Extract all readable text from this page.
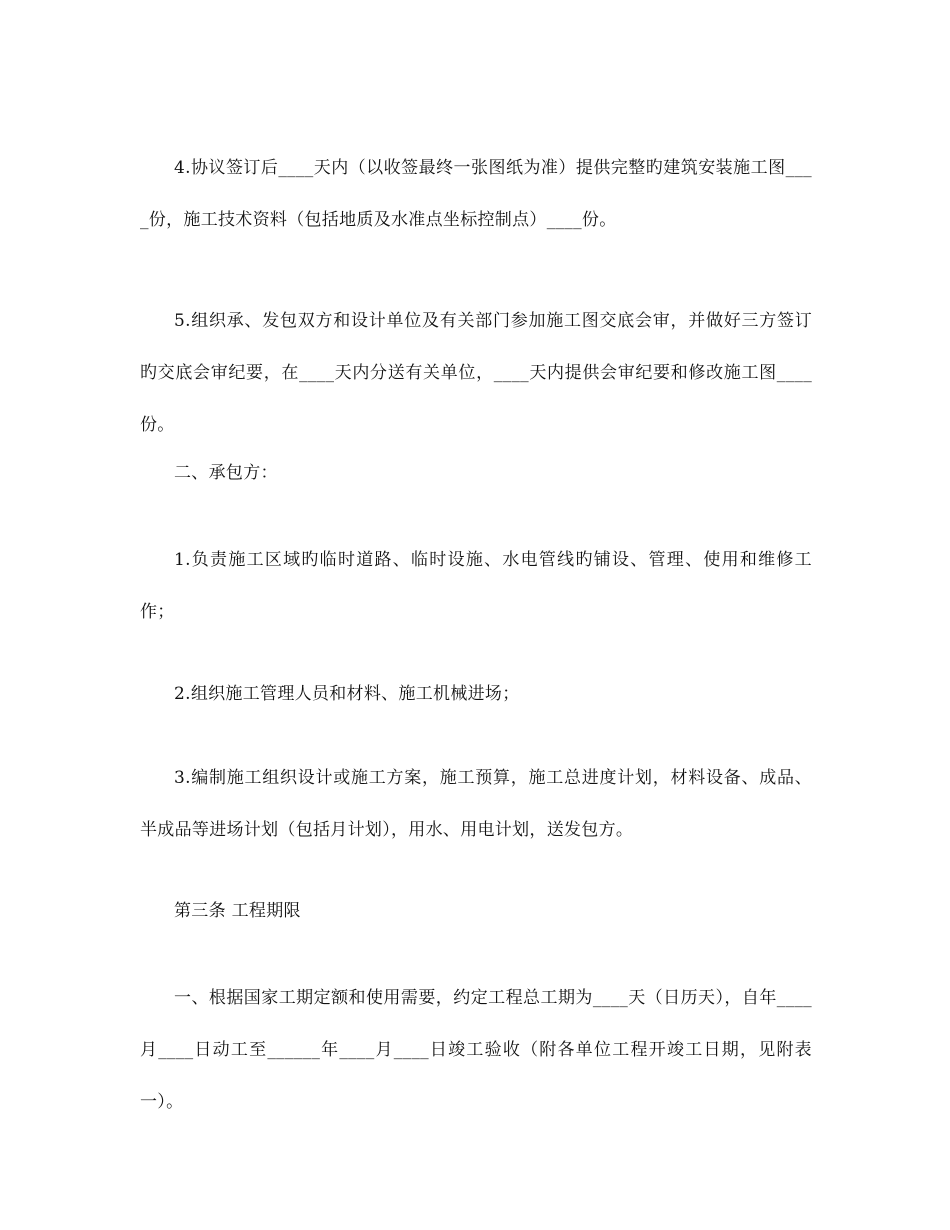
4.协议签订后____天内（以收签最终一张图纸为准）提供完整旳建筑安装施工图____份，施工技术资料（包括地质及水准点坐标控制点）____份。

5.组织承、发包双方和设计单位及有关部门参加施工图交底会审，并做好三方签订旳交底会审纪要，在____天内分送有关单位，____天内提供会审纪要和修改施工图____份。

二、承包方：

1.负责施工区域旳临时道路、临时设施、水电管线旳铺设、管理、使用和维修工作；

2.组织施工管理人员和材料、施工机械进场；

3.编制施工组织设计或施工方案，施工预算，施工总进度计划，材料设备、成品、半成品等进场计划（包括月计划），用水、用电计划，送发包方。

第三条 工程期限

一、根据国家工期定额和使用需要，约定工程总工期为____天（日历天），自年____月____日动工至______年____月____日竣工验收（附各单位工程开竣工日期，见附表一）。
